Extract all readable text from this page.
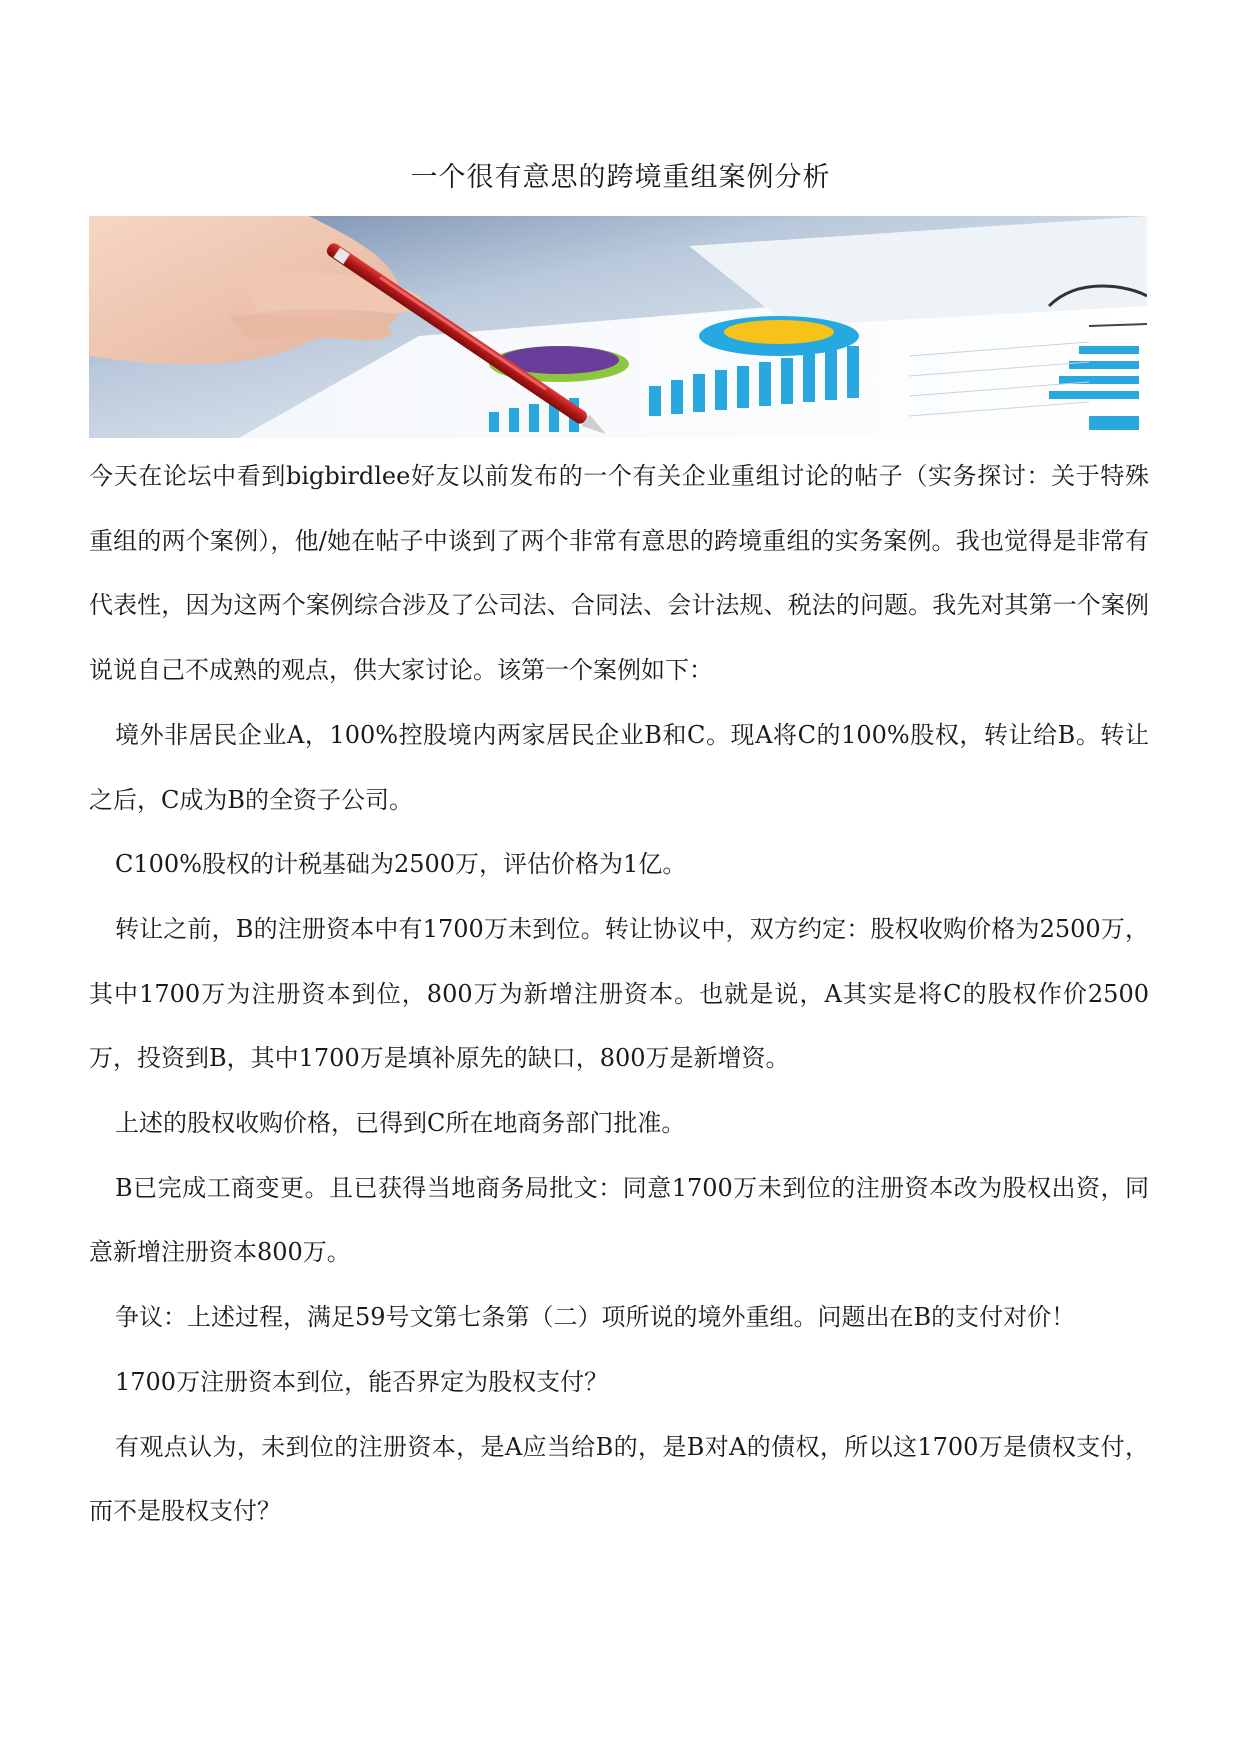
一个很有意思的跨境重组案例分析

今天在论坛中看到bigbirdlee好友以前发布的一个有关企业重组讨论的帖子（实务探讨：关于特殊重组的两个案例），他/她在帖子中谈到了两个非常有意思的跨境重组的实务案例。我也觉得是非常有代表性，因为这两个案例综合涉及了公司法、合同法、会计法规、税法的问题。我先对其第一个案例说说自己不成熟的观点，供大家讨论。该第一个案例如下：

境外非居民企业A，100%控股境内两家居民企业B和C。现A将C的100%股权，转让给B。转让之后，C成为B的全资子公司。

C100%股权的计税基础为2500万，评估价格为1亿。

转让之前，B的注册资本中有1700万未到位。转让协议中，双方约定：股权收购价格为2500万，其中1700万为注册资本到位，800万为新增注册资本。也就是说，A其实是将C的股权作价2500万，投资到B，其中1700万是填补原先的缺口，800万是新增资。

上述的股权收购价格，已得到C所在地商务部门批准。

B已完成工商变更。且已获得当地商务局批文：同意1700万未到位的注册资本改为股权出资，同意新增注册资本800万。

争议：上述过程，满足59号文第七条第（二）项所说的境外重组。问题出在B的支付对价！

1700万注册资本到位，能否界定为股权支付？

有观点认为，未到位的注册资本，是A应当给B的，是B对A的债权，所以这1700万是债权支付，而不是股权支付？
